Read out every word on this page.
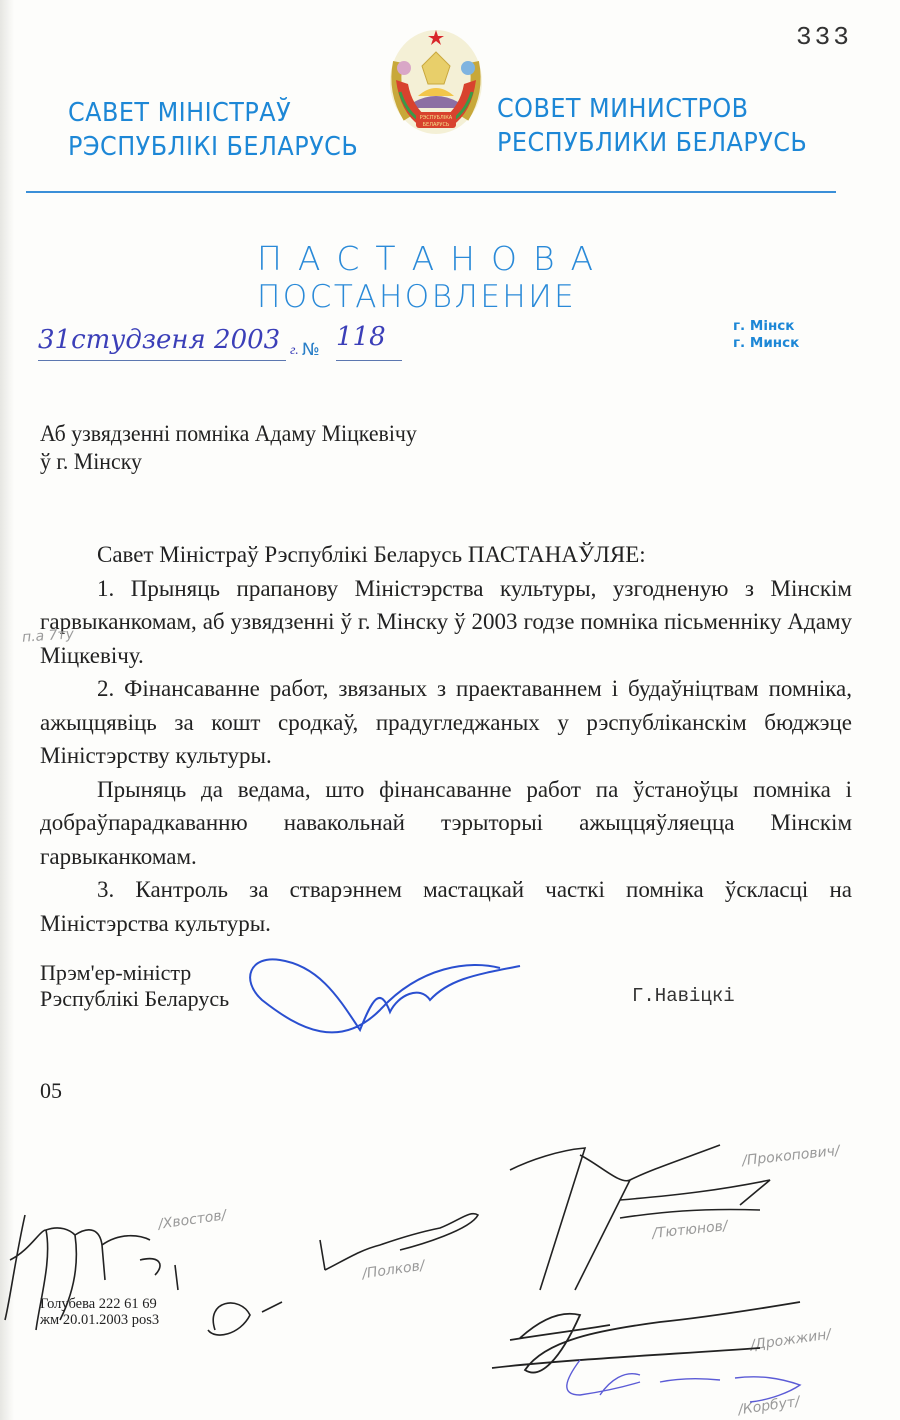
333
САВЕТ МІНІСТРАЎ
РЭСПУБЛІКІ БЕЛАРУСЬ
РЭСПУБЛІКА
БЕЛАРУСЬ
СОВЕТ МИНИСТРОВ
РЕСПУБЛИКИ БЕЛАРУСЬ
ПАСТАНОВА
ПОСТАНОВЛЕНИЕ
31студзеня 2003 г. № 118	г. Мінск
г. Минск
Аб узвядзенні помніка Адаму Міцкевічу
ў г. Мінску

Савет Міністраў Рэспублікі Беларусь ПАСТАНАЎЛЯЕ:

1. Прыняць прапанову Міністэрства культуры, узгодненую з Мінскім гарвыканкомам, аб узвядзенні ў г. Мінску ў 2003 годзе помніка пісьменніку Адаму Міцкевічу.

2. Фінансаванне работ, звязаных з праектаваннем і будаўніцтвам помніка, ажыццявіць за кошт сродкаў, прадугледжаных у рэспубліканскім бюджэце Міністэрству культуры.

Прыняць да ведама, што фінансаванне работ па ўстаноўцы помніка і добраўпарадкаванню навакольнай тэрыторыі ажыццяўляецца Мінскім гарвыканкомам.

3. Кантроль за стварэннем мастацкай часткі помніка ўскласці на Міністэрства культуры.

п.а 7ту
Прэм'ер-міністр
Рэспублікі Беларусь	Г.Навіцкі
05
Голубева 222 61 69
жм 20.01.2003 pos3
/Хвостов/
/Полков/
/Прокопович/
/Тютюнов/
/Дрожжин/
/Корбут/
